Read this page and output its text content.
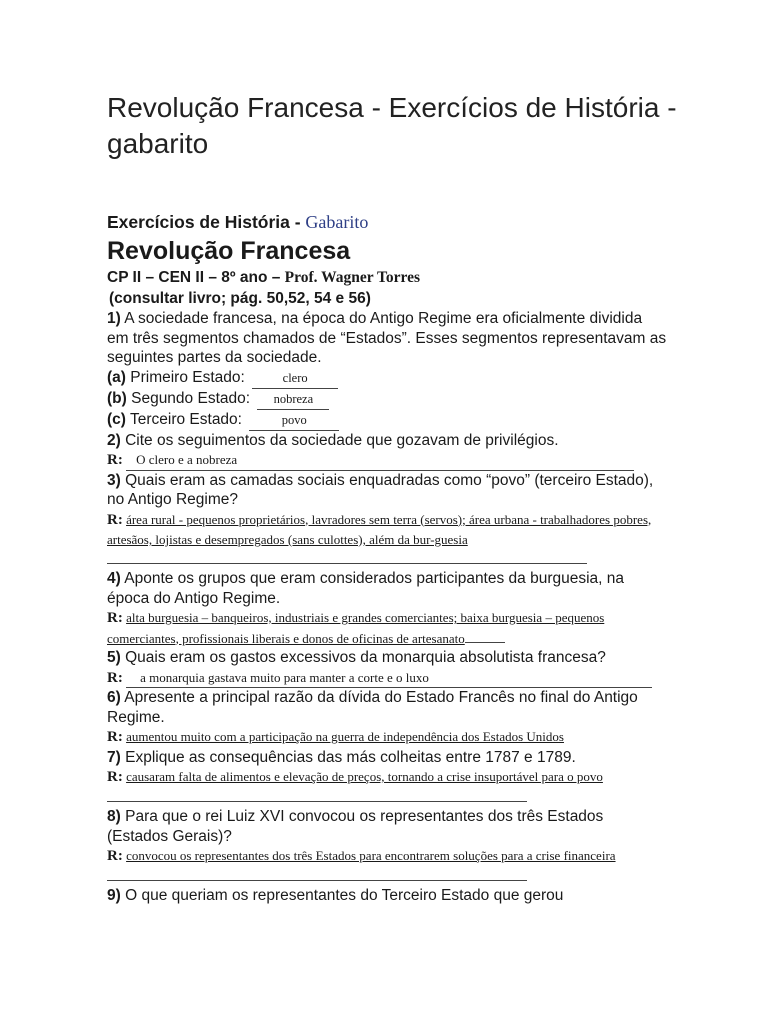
Revolução Francesa - Exercícios de História - gabarito
Exercícios de História - Gabarito
Revolução Francesa
CP II – CEN II – 8º ano – Prof. Wagner Torres
(consultar livro; pág. 50,52, 54 e 56)
1) A sociedade francesa, na época do Antigo Regime era oficialmente dividida em três segmentos chamados de “Estados”. Esses segmentos representavam as seguintes partes da sociedade.
(a) Primeiro Estado:	clero
(b) Segundo Estado: nobreza
(c) Terceiro Estado:	povo
2) Cite os seguimentos da sociedade que gozavam de privilégios.
R: O clero e a nobreza
3) Quais eram as camadas sociais enquadradas como “povo” (terceiro Estado), no Antigo Regime?
R: área rural - pequenos proprietários, lavradores sem terra (servos); área urbana - trabalhadores pobres, artesãos, lojistas e desempregados (sans culottes), além da bur-guesia
4) Aponte os grupos que eram considerados participantes da burguesia, na época do Antigo Regime.
R: alta burguesia – banqueiros, industriais e grandes comerciantes; baixa burguesia – pequenos comerciantes, profissionais liberais e donos de oficinas de artesanato
5) Quais eram os gastos excessivos da monarquia absolutista francesa?
R: a monarquia gastava muito para manter a corte e o luxo
6) Apresente a principal razão da dívida do Estado Francês no final do Antigo Regime.
R: aumentou muito com a participação na guerra de independência dos Estados Unidos
7) Explique as consequências das más colheitas entre 1787 e 1789.
R: causaram falta de alimentos e elevação de preços, tornando a crise insuportável para o povo
8) Para que o rei Luiz XVI convocou os representantes dos três Estados (Estados Gerais)?
R: convocou os representantes dos três Estados para encontrarem soluções para a crise financeira
9) O que queriam os representantes do Terceiro Estado que gerou
